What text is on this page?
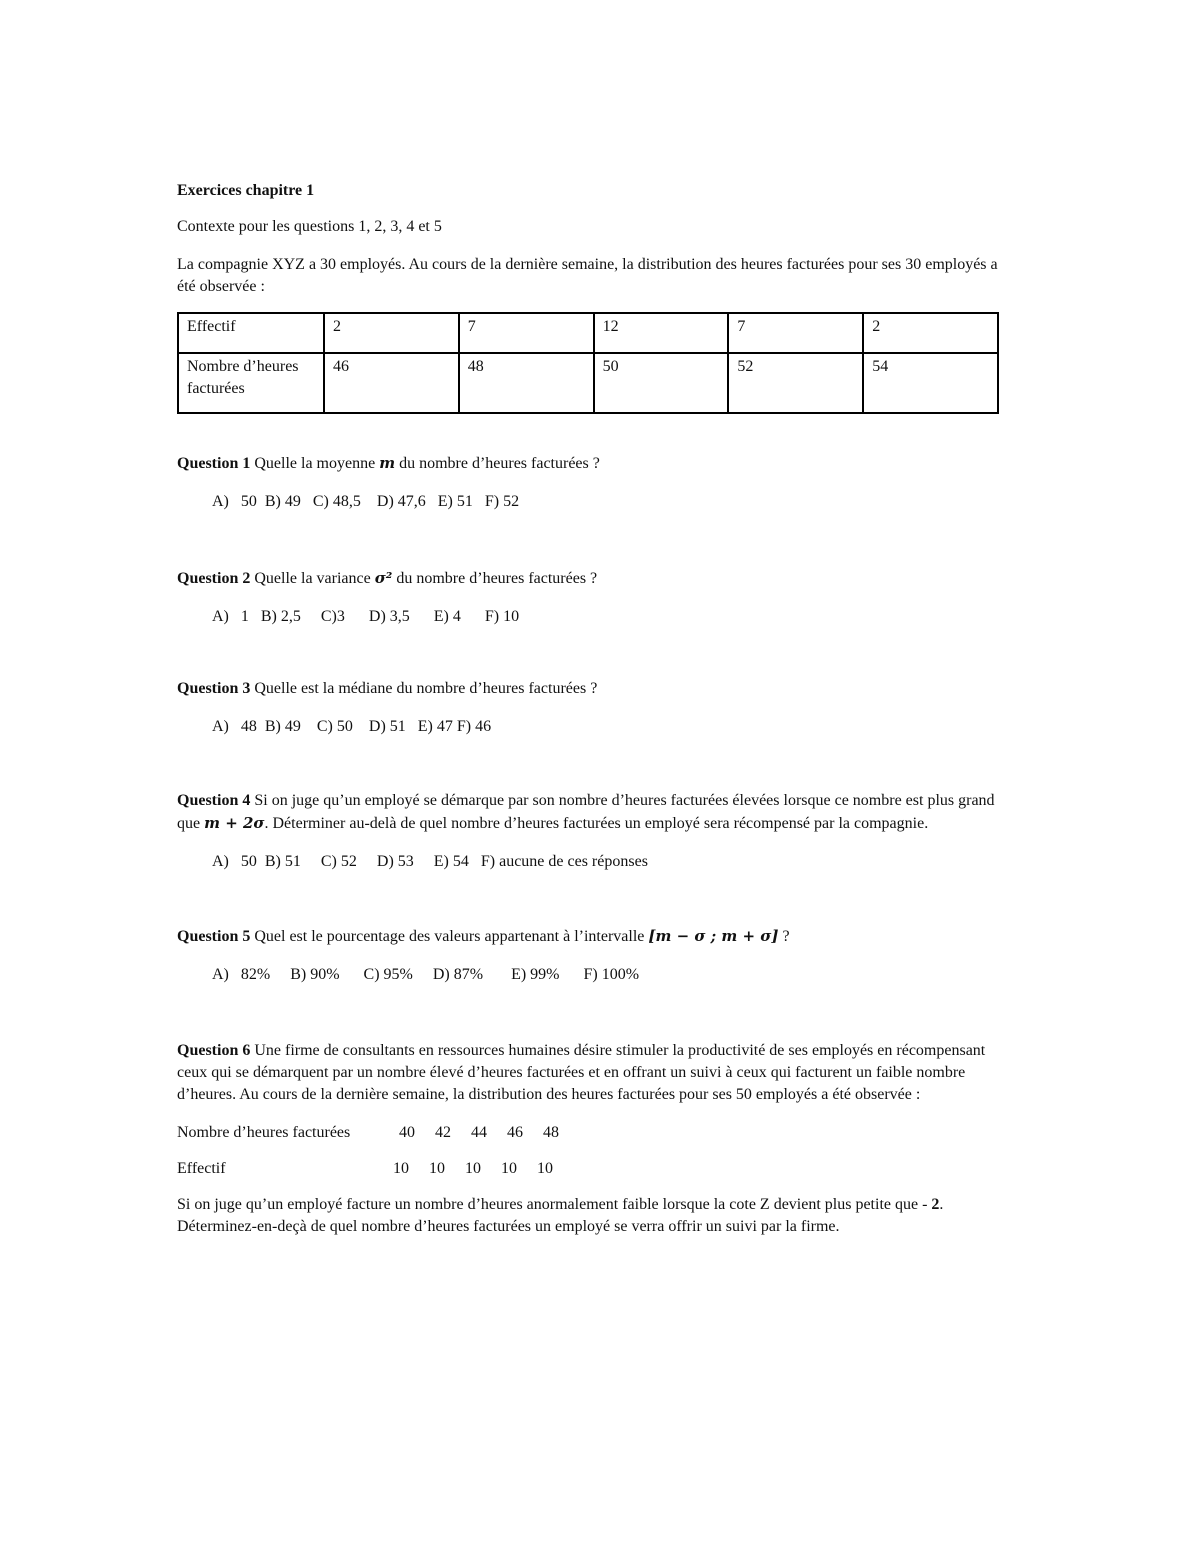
Exercices chapitre 1

Contexte pour les questions 1, 2, 3, 4 et 5

La compagnie XYZ a 30 employés. Au cours de la dernière semaine, la distribution des heures facturées pour ses 30 employés a été observée :

Effectif	2	7	12	7	2
Nombre d’heures facturées	46	48	50	52	54

Question 1 Quelle la moyenne m du nombre d’heures facturées ?

A)   50  B) 49   C) 48,5    D) 47,6   E) 51   F) 52

Question 2 Quelle la variance σ² du nombre d’heures facturées ?

A)   1   B) 2,5     C)3      D) 3,5      E) 4      F) 10

Question 3 Quelle est la médiane du nombre d’heures facturées ?

A)   48  B) 49    C) 50    D) 51   E) 47 F) 46

Question 4 Si on juge qu’un employé se démarque par son nombre d’heures facturées élevées lorsque ce nombre est plus grand que m + 2σ. Déterminer au-delà de quel nombre d’heures facturées un employé sera récompensé par la compagnie.

A)   50  B) 51     C) 52     D) 53     E) 54   F) aucune de ces réponses

Question 5 Quel est le pourcentage des valeurs appartenant à l’intervalle [m − σ ; m + σ] ?

A)   82%     B) 90%      C) 95%     D) 87%       E) 99%      F) 100%

Question 6 Une firme de consultants en ressources humaines désire stimuler la productivité de ses employés en récompensant ceux qui se démarquent par un nombre élevé d’heures facturées et en offrant un suivi à ceux qui facturent un faible nombre d’heures. Au cours de la dernière semaine, la distribution des heures facturées pour ses 50 employés a été observée :

Nombre d’heures facturées	40 42 44 46 48
Effectif	10 10 10 10 10

Si on juge qu’un employé facture un nombre d’heures anormalement faible lorsque la cote Z devient plus petite que - 2. Déterminez-en-deçà de quel nombre d’heures facturées un employé se verra offrir un suivi par la firme.
